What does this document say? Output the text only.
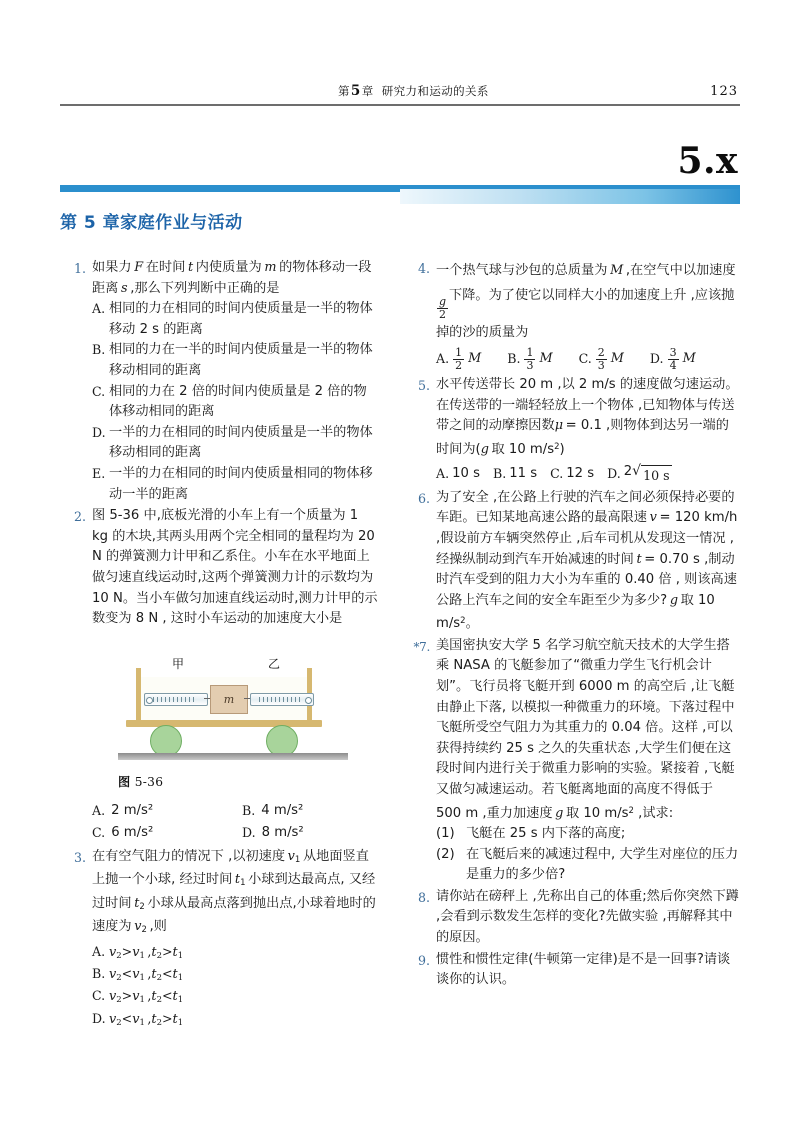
第5章 研究力和运动的关系	123
5.x
第 5 章家庭作业与活动
1. 如果力 F 在时间 t 内使质量为 m 的物体移动一段距离 s ,那么下列判断中正确的是

A. 相同的力在相同的时间内使质量是一半的物体移动 2 s 的距离
B. 相同的力在一半的时间内使质量是一半的物体移动相同的距离
C. 相同的力在 2 倍的时间内使质量是 2 倍的物体移动相同的距离
D. 一半的力在相同的时间内使质量是一半的物体移动相同的距离
E. 一半的力在相同的时间内使质量相同的物体移动一半的距离
2. 图 5-36 中,底板光滑的小车上有一个质量为 1 kg 的木块,其两头用两个完全相同的量程均为 20 N 的弹簧测力计甲和乙系住。小车在水平地面上做匀速直线运动时,这两个弹簧测力计的示数均为 10 N。当小车做匀加速直线运动时,测力计甲的示数变为 8 N , 这时小车运动的加速度大小是

A. 2 m/s²	B. 4 m/s²
C. 6 m/s²	D. 8 m/s²
3. 在有空气阻力的情况下 ,以初速度 $v_1$ 从地面竖直上抛一个小球, 经过时间 $t_1$ 小球到达最高点, 又经过时间 $t_2$ 小球从最高点落到抛出点,小球着地时的速度为 $v_2$ ,则

A. $v_2>v_1$ $,t_2>t_1$
B. $v_2<v_1$ $,t_2<t_1$
C. $v_2>v_1$ $,t_2<t_1$
D. $v_2<v_1$ $,t_2>t_1$
甲	乙
m
图 5-36
4. 一个热气球与沙包的总质量为 M ,在空气中以加速度
$\frac{g}{2}$
下降。为了使它以同样大小的加速度上升 ,应该抛掉的沙的质量为

A. $\frac{1}{2}$ M B. $\frac{1}{3}$ M C. $\frac{2}{3}$ M D. $\frac{3}{4}$ M
5. 水平传送带长 20 m ,以 2 m/s 的速度做匀速运动。在传送带的一端轻轻放上一个物体 ,已知物体与传送带之间的动摩擦因数μ = 0.1 ,则物体到达另一端的时间为(g 取 10 $m/s^2$)

A. 10 s B. 11 s C. 12 s D. 2 √ 10 s
6. 为了安全 ,在公路上行驶的汽车之间必须保持必要的车距。已知某地高速公路的最高限速 v = 120 km/h ,假设前方车辆突然停止 ,后车司机从发现这一情况 ,经操纵制动到汽车开始减速的时间 t = 0.70 s ,制动时汽车受到的阻力大小为车重的 0.40 倍 , 则该高速公路上汽车之间的安全车距至少为多少? g 取 10 $m/s^2$。

*7. 美国密执安大学 5 名学习航空航天技术的大学生搭乘 NASA 的飞艇参加了“微重力学生飞行机会计划”。飞行员将飞艇开到 6000 m 的高空后 ,让飞艇由静止下落, 以模拟一种微重力的环境。下落过程中飞艇所受空气阻力为其重力的 0.04 倍。这样 ,可以获得持续约 25 s 之久的失重状态 ,大学生们便在这段时间内进行关于微重力影响的实验。紧接着 ,飞艇又做匀减速运动。若飞艇离地面的高度不得低于 500 m ,重力加速度 g 取 10 $m/s^2$ ,试求:

(1) 飞艇在 25 s 内下落的高度;
(2) 在飞艇后来的减速过程中, 大学生对座位的压力是重力的多少倍?
8. 请你站在磅秤上 ,先称出自己的体重;然后你突然下蹲 ,会看到示数发生怎样的变化?先做实验 ,再解释其中的原因。

9. 惯性和惯性定律(牛顿第一定律)是不是一回事?请谈谈你的认识。
